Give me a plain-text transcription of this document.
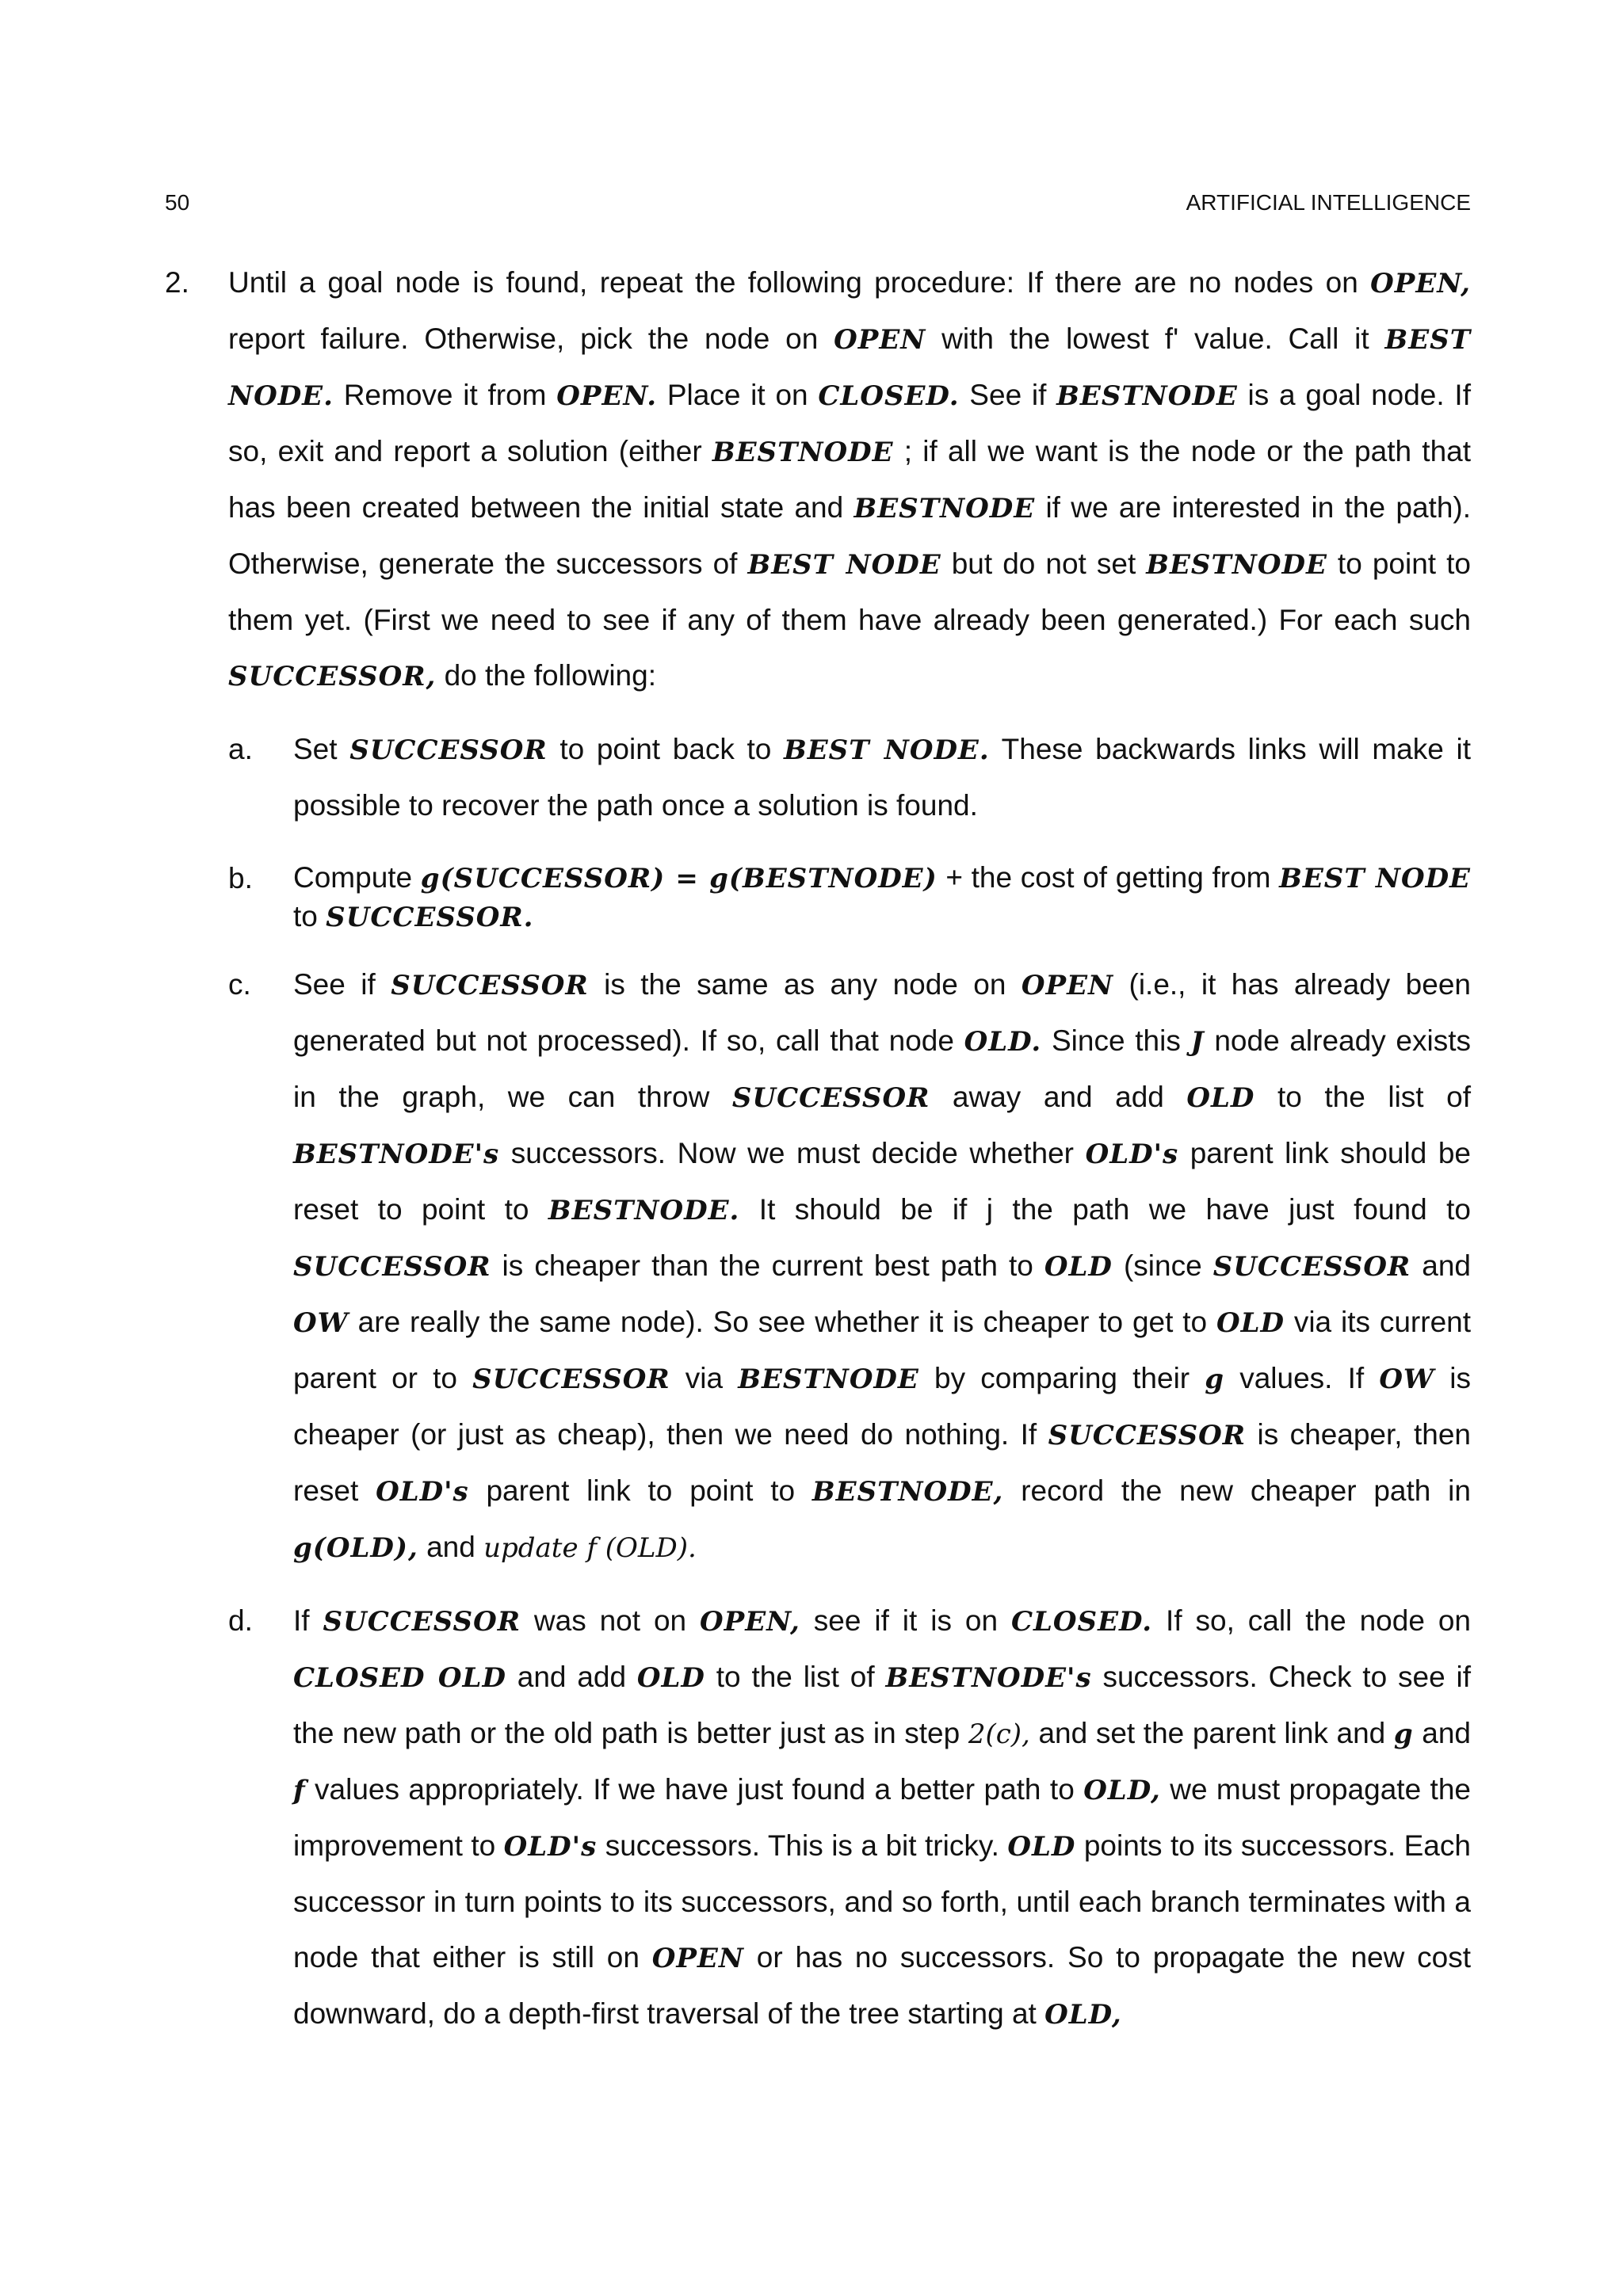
50	ARTIFICIAL INTELLIGENCE
2. Until a goal node is found, repeat the following procedure: If there are no nodes on OPEN, report failure. Otherwise, pick the node on OPEN with the lowest f' value. Call it BEST NODE. Remove it from OPEN. Place it on CLOSED. See if BESTNODE is a goal node. If so, exit and report a solution (either BESTNODE ; if all we want is the node or the path that has been created between the initial state and BESTNODE if we are interested in the path). Otherwise, generate the successors of BEST NODE but do not set BESTNODE to point to them yet. (First we need to see if any of them have already been generated.) For each such SUCCESSOR, do the following:

a. Set SUCCESSOR to point back to BEST NODE. These backwards links will make it possible to recover the path once a solution is found.

b. Compute g(SUCCESSOR) = g(BESTNODE) + the cost of getting from BEST NODE to SUCCESSOR.

c. See if SUCCESSOR is the same as any node on OPEN (i.e., it has already been generated but not processed). If so, call that node OLD. Since this J node already exists in the graph, we can throw SUCCESSOR away and add OLD to the list of BESTNODE's successors. Now we must decide whether OLD's parent link should be reset to point to BESTNODE. It should be if j the path we have just found to SUCCESSOR is cheaper than the current best path to OLD (since SUCCESSOR and OW are really the same node). So see whether it is cheaper to get to OLD via its current parent or to SUCCESSOR via BESTNODE by comparing their g values. If OW is cheaper (or just as cheap), then we need do nothing. If SUCCESSOR is cheaper, then reset OLD's parent link to point to BESTNODE, record the new cheaper path in g(OLD), and update f (OLD).

d. If SUCCESSOR was not on OPEN, see if it is on CLOSED. If so, call the node on CLOSED OLD and add OLD to the list of BESTNODE's successors. Check to see if the new path or the old path is better just as in step 2(c), and set the parent link and g and f values appropriately. If we have just found a better path to OLD, we must propagate the improvement to OLD's successors. This is a bit tricky. OLD points to its successors. Each successor in turn points to its successors, and so forth, until each branch terminates with a node that either is still on OPEN or has no successors. So to propagate the new cost downward, do a depth-first traversal of the tree starting at OLD,
